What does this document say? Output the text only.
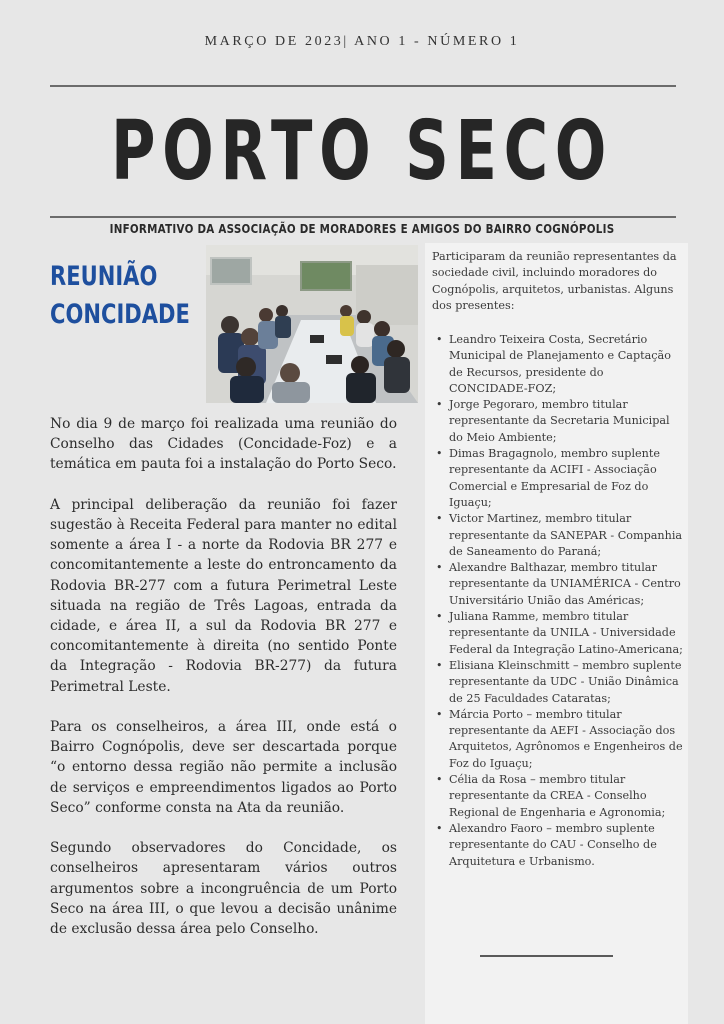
MARÇO DE 2023| ANO 1 - NÚMERO 1
PORTO SECO
INFORMATIVO DA ASSOCIAÇÃO DE MORADORES E AMIGOS DO BAIRRO COGNÓPOLIS
REUNIÃO
CONCIDADE

No dia 9 de março foi realizada uma reunião do Conselho das Cidades (Concidade-Foz) e a temática em pauta foi a instalação do Porto Seco.

A principal deliberação da reunião foi fazer sugestão à Receita Federal para manter no edital somente a área I - a norte da Rodovia BR 277 e concomitantemente a leste do entroncamento da Rodovia BR-277 com a futura Perimetral Leste situada na região de Três Lagoas, entrada da cidade, e área II, a sul da Rodovia BR 277 e concomitantemente à direita (no sentido Ponte da Integração - Rodovia BR-277) da futura Perimetral Leste.

Para os conselheiros, a área III, onde está o Bairro Cognópolis, deve ser descartada porque “o entorno dessa região não permite a inclusão de serviços e empreendimentos ligados ao Porto Seco” conforme consta na Ata da reunião.

Segundo observadores do Concidade, os conselheiros apresentaram vários outros argumentos sobre a incongruência de um Porto Seco na área III, o que levou a decisão unânime de exclusão dessa área pelo Conselho.

Participaram da reunião representantes da sociedade civil, incluindo moradores do Cognópolis, arquitetos, urbanistas. Alguns dos presentes:
• Leandro Teixeira Costa, Secretário Municipal de Planejamento e Captação de Recursos, presidente do CONCIDADE-FOZ;
• Jorge Pegoraro, membro titular representante da Secretaria Municipal do Meio Ambiente;
• Dimas Bragagnolo, membro suplente representante da ACIFI - Associação Comercial e Empresarial de Foz do Iguaçu;
• Victor Martinez, membro titular representante da SANEPAR - Companhia de Saneamento do Paraná;
• Alexandre Balthazar, membro titular representante da UNIAMÉRICA - Centro Universitário União das Américas;
• Juliana Ramme, membro titular representante da UNILA - Universidade Federal da Integração Latino-Americana;
• Elisiana Kleinschmitt – membro suplente representante da UDC - União Dinâmica de 25 Faculdades Cataratas;
• Márcia Porto – membro titular representante da AEFI - Associação dos Arquitetos, Agrônomos e Engenheiros de Foz do Iguaçu;
• Célia da Rosa – membro titular representante da CREA - Conselho Regional de Engenharia e Agronomia;
• Alexandro Faoro – membro suplente representante do CAU - Conselho de Arquitetura e Urbanismo.
